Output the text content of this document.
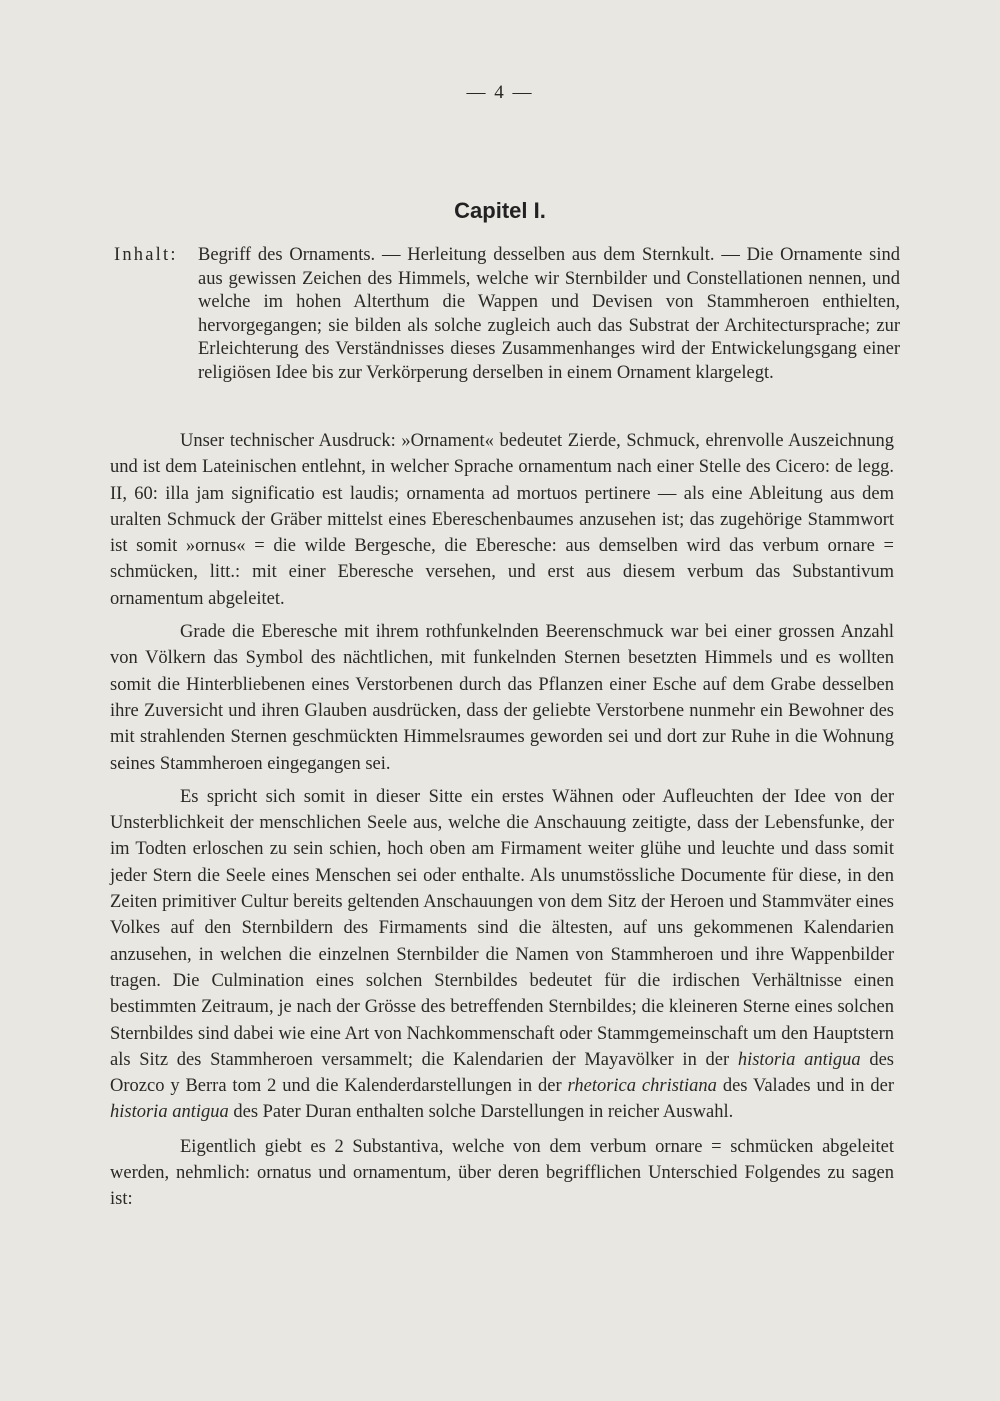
— 4 —
Capitel I.
Inhalt:	Begriff des Ornaments. — Herleitung desselben aus dem Sternkult. — Die Ornamente sind aus gewissen Zeichen des Himmels, welche wir Sternbilder und Constellationen nennen, und welche im hohen Alterthum die Wappen und Devisen von Stammheroen enthielten, hervorgegangen; sie bilden als solche zugleich auch das Substrat der Architectursprache; zur Erleichterung des Verständnisses dieses Zusammenhanges wird der Entwickelungsgang einer religiösen Idee bis zur Verkörperung derselben in einem Ornament klargelegt.

Unser technischer Ausdruck: »Ornament« bedeutet Zierde, Schmuck, ehrenvolle Auszeichnung und ist dem Lateinischen entlehnt, in welcher Sprache ornamentum nach einer Stelle des Cicero: de legg. II, 60: illa jam significatio est laudis; ornamenta ad mortuos pertinere — als eine Ableitung aus dem uralten Schmuck der Gräber mittelst eines Ebereschenbaumes anzusehen ist; das zugehörige Stammwort ist somit »ornus« = die wilde Bergesche, die Eberesche: aus demselben wird das verbum ornare = schmücken, litt.: mit einer Eberesche versehen, und erst aus diesem verbum das Substantivum ornamentum abgeleitet.

Grade die Eberesche mit ihrem rothfunkelnden Beerenschmuck war bei einer grossen Anzahl von Völkern das Symbol des nächtlichen, mit funkelnden Sternen besetzten Himmels und es wollten somit die Hinterbliebenen eines Verstorbenen durch das Pflanzen einer Esche auf dem Grabe desselben ihre Zuversicht und ihren Glauben ausdrücken, dass der geliebte Verstorbene nunmehr ein Bewohner des mit strahlenden Sternen geschmückten Himmelsraumes geworden sei und dort zur Ruhe in die Wohnung seines Stammheroen eingegangen sei.

Es spricht sich somit in dieser Sitte ein erstes Wähnen oder Aufleuchten der Idee von der Unsterblichkeit der menschlichen Seele aus, welche die Anschauung zeitigte, dass der Lebensfunke, der im Todten erloschen zu sein schien, hoch oben am Firmament weiter glühe und leuchte und dass somit jeder Stern die Seele eines Menschen sei oder enthalte. Als unumstössliche Documente für diese, in den Zeiten primitiver Cultur bereits geltenden Anschauungen von dem Sitz der Heroen und Stammväter eines Volkes auf den Sternbildern des Firmaments sind die ältesten, auf uns gekommenen Kalendarien anzusehen, in welchen die einzelnen Sternbilder die Namen von Stammheroen und ihre Wappenbilder tragen. Die Culmination eines solchen Sternbildes bedeutet für die irdischen Verhältnisse einen bestimmten Zeitraum, je nach der Grösse des betreffenden Sternbildes; die kleineren Sterne eines solchen Sternbildes sind dabei wie eine Art von Nachkommenschaft oder Stammgemeinschaft um den Hauptstern als Sitz des Stammheroen versammelt; die Kalendarien der Mayavölker in der historia antigua des Orozco y Berra tom 2 und die Kalenderdarstellungen in der rhetorica christiana des Valades und in der historia antigua des Pater Duran enthalten solche Darstellungen in reicher Auswahl.

Eigentlich giebt es 2 Substantiva, welche von dem verbum ornare = schmücken abgeleitet werden, nehmlich: ornatus und ornamentum, über deren begrifflichen Unterschied Folgendes zu sagen ist:
